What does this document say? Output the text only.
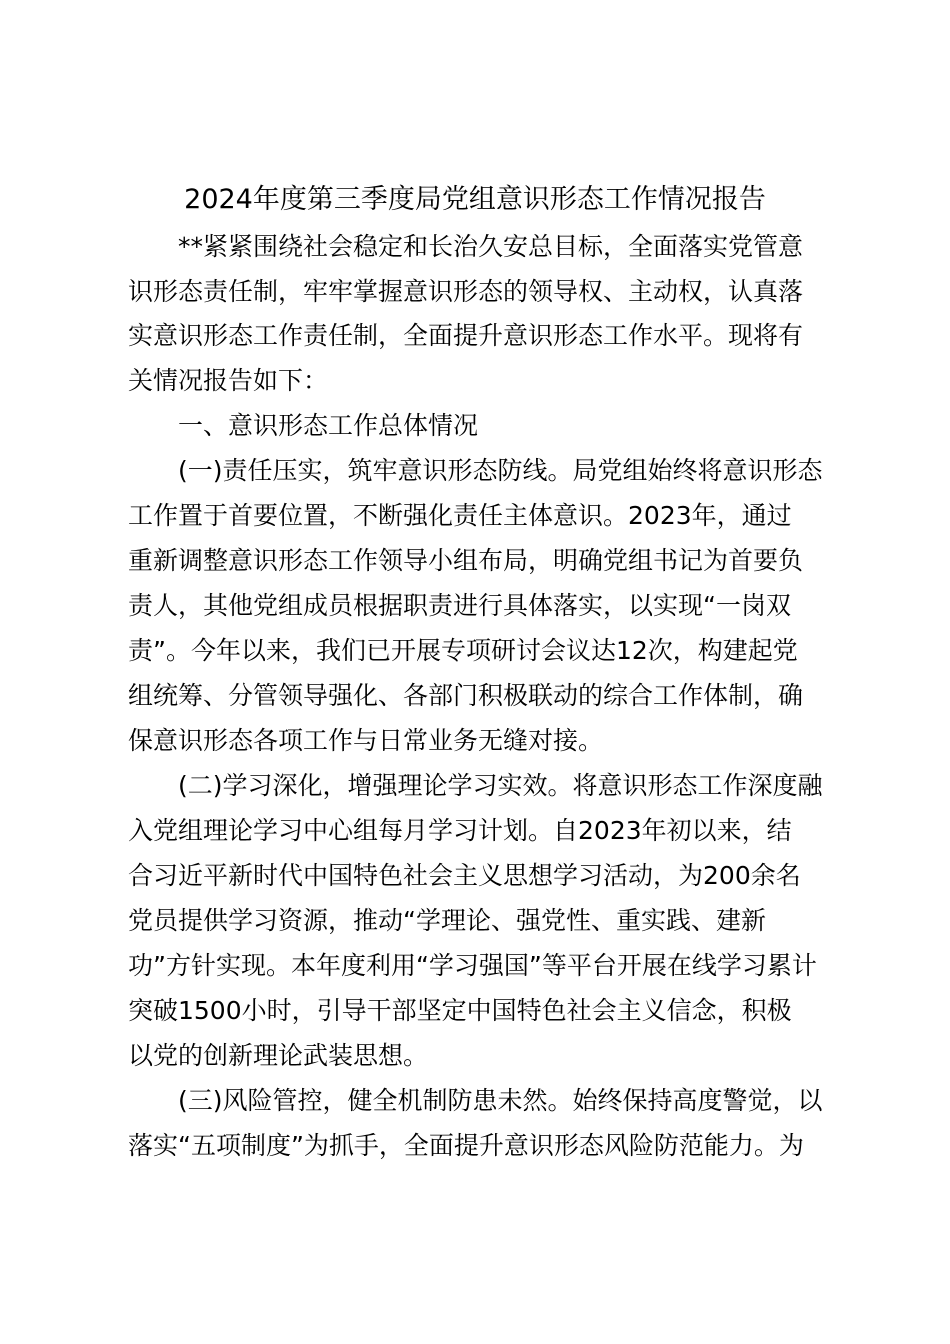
2024年度第三季度局党组意识形态工作情况报告
**紧紧围绕社会稳定和长治久安总目标，全面落实党管意
识形态责任制，牢牢掌握意识形态的领导权、主动权，认真落
实意识形态工作责任制，全面提升意识形态工作水平。现将有
关情况报告如下：
一、意识形态工作总体情况
(一)责任压实，筑牢意识形态防线。局党组始终将意识形态
工作置于首要位置，不断强化责任主体意识。2023年，通过
重新调整意识形态工作领导小组布局，明确党组书记为首要负
责人，其他党组成员根据职责进行具体落实，以实现“一岗双
责”。今年以来，我们已开展专项研讨会议达12次，构建起党
组统筹、分管领导强化、各部门积极联动的综合工作体制，确
保意识形态各项工作与日常业务无缝对接。
(二)学习深化，增强理论学习实效。将意识形态工作深度融
入党组理论学习中心组每月学习计划。自2023年初以来，结
合习近平新时代中国特色社会主义思想学习活动，为200余名
党员提供学习资源，推动“学理论、强党性、重实践、建新
功”方针实现。本年度利用“学习强国”等平台开展在线学习累计
突破1500小时，引导干部坚定中国特色社会主义信念，积极
以党的创新理论武装思想。
(三)风险管控，健全机制防患未然。始终保持高度警觉，以
落实“五项制度”为抓手，全面提升意识形态风险防范能力。为
